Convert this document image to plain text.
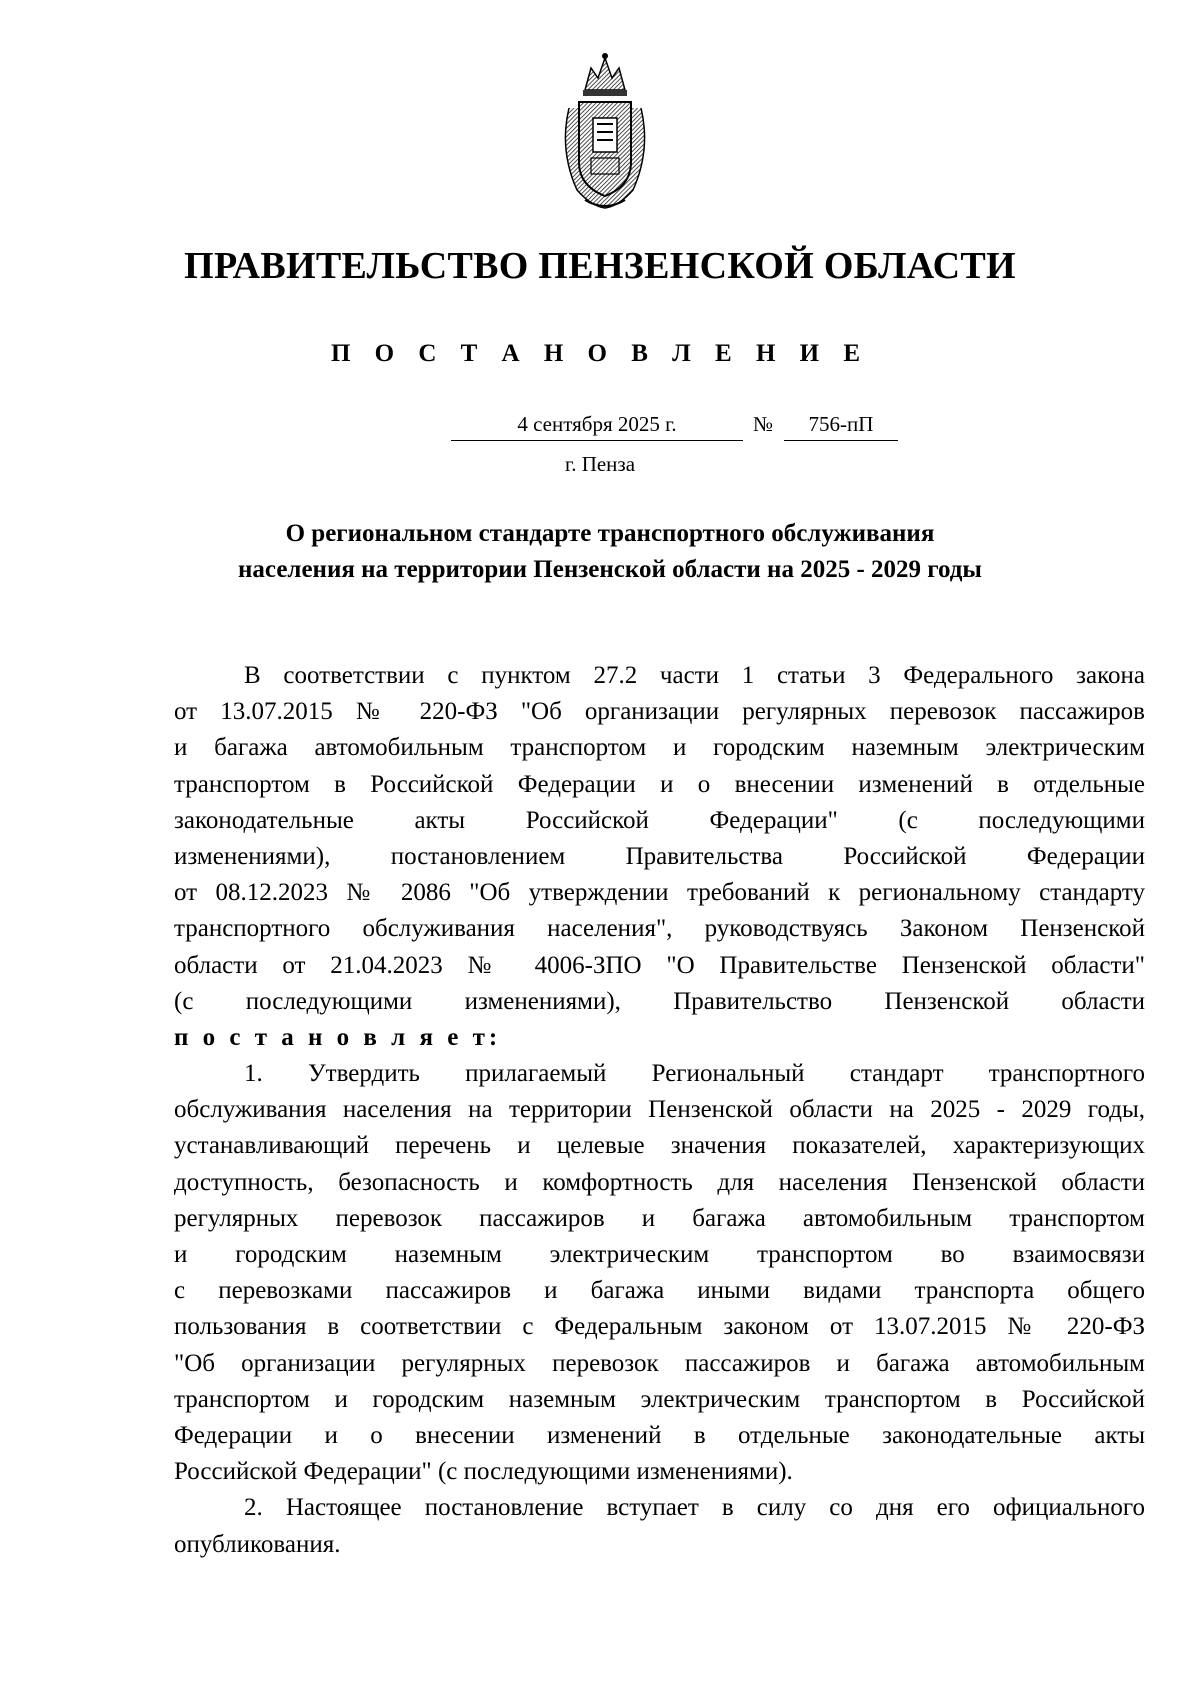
ПРАВИТЕЛЬСТВО ПЕНЗЕНСКОЙ ОБЛАСТИ
П О С Т А Н О В Л Е Н И Е
4 сентября 2025 г.	№	756-пП
г. Пенза
О региональном стандарте транспортного обслуживания
населения на территории Пензенской области на 2025 - 2029 годы
В соответствии с пунктом 27.2 части 1 статьи 3 Федерального закона
от 13.07.2015 № 220-ФЗ "Об организации регулярных перевозок пассажиров
и багажа автомобильным транспортом и городским наземным электрическим
транспортом в Российской Федерации и о внесении изменений в отдельные
законодательные акты Российской Федерации" (с последующими
изменениями), постановлением Правительства Российской Федерации
от 08.12.2023 № 2086 "Об утверждении требований к региональному стандарту
транспортного обслуживания населения", руководствуясь Законом Пензенской
области от 21.04.2023 № 4006-ЗПО "О Правительстве Пензенской области"
(с последующими изменениями), Правительство Пензенской области
п о с т а н о в л я е т:
1. Утвердить прилагаемый Региональный стандарт транспортного
обслуживания населения на территории Пензенской области на 2025 - 2029 годы,
устанавливающий перечень и целевые значения показателей, характеризующих
доступность, безопасность и комфортность для населения Пензенской области
регулярных перевозок пассажиров и багажа автомобильным транспортом
и городским наземным электрическим транспортом во взаимосвязи
с перевозками пассажиров и багажа иными видами транспорта общего
пользования в соответствии с Федеральным законом от 13.07.2015 № 220-ФЗ
"Об организации регулярных перевозок пассажиров и багажа автомобильным
транспортом и городским наземным электрическим транспортом в Российской
Федерации и о внесении изменений в отдельные законодательные акты
Российской Федерации" (с последующими изменениями).
2. Настоящее постановление вступает в силу со дня его официального
опубликования.
